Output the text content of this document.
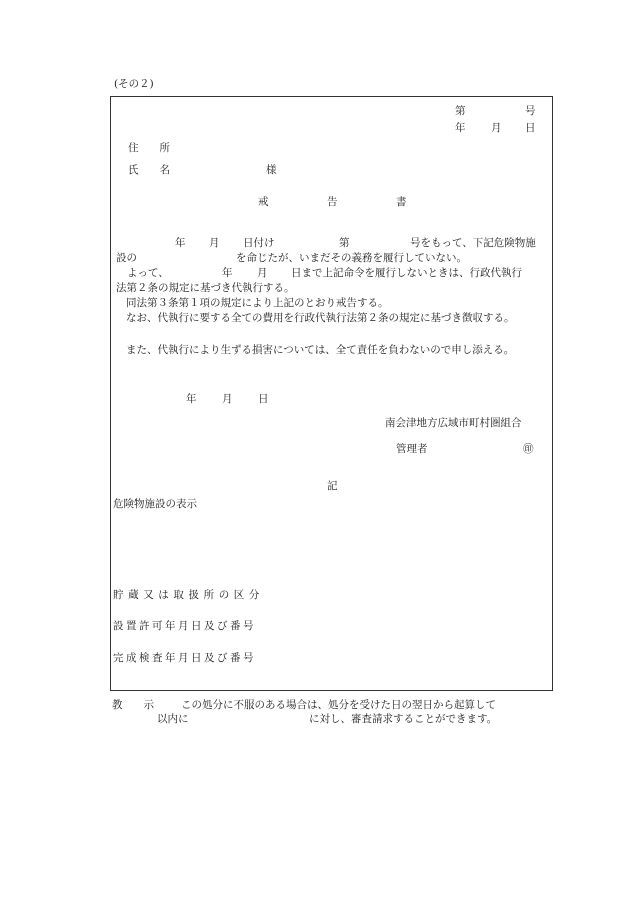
(その２)
第	号
年 月 日
住　　所
氏　　名	様
戒	告	書
年 月 日付け	第	号をもって、下記危険物施
設の	を命じたが、いまだその義務を履行していない。
よって、	年 月 日まで上記命令を履行しないときは、行政代執行
法第２条の規定に基づき代執行する。
同法第３条第１項の規定により上記のとおり戒告する。
なお、代執行に要する全ての費用を行政代執行法第２条の規定に基づき徴収する。
また、代執行により生ずる損害については、全て責任を負わないので申し添える。
年 月 日
南会津地方広域市町村圏組合
管理者	㊞
記
危険物施設の表示
貯蔵又は取扱所の区分
設置許可年月日及び番号
完成検査年月日及び番号
教　　示	この処分に不服のある場合は、処分を受けた日の翌日から起算して
以内に	に対し、審査請求することができます。
